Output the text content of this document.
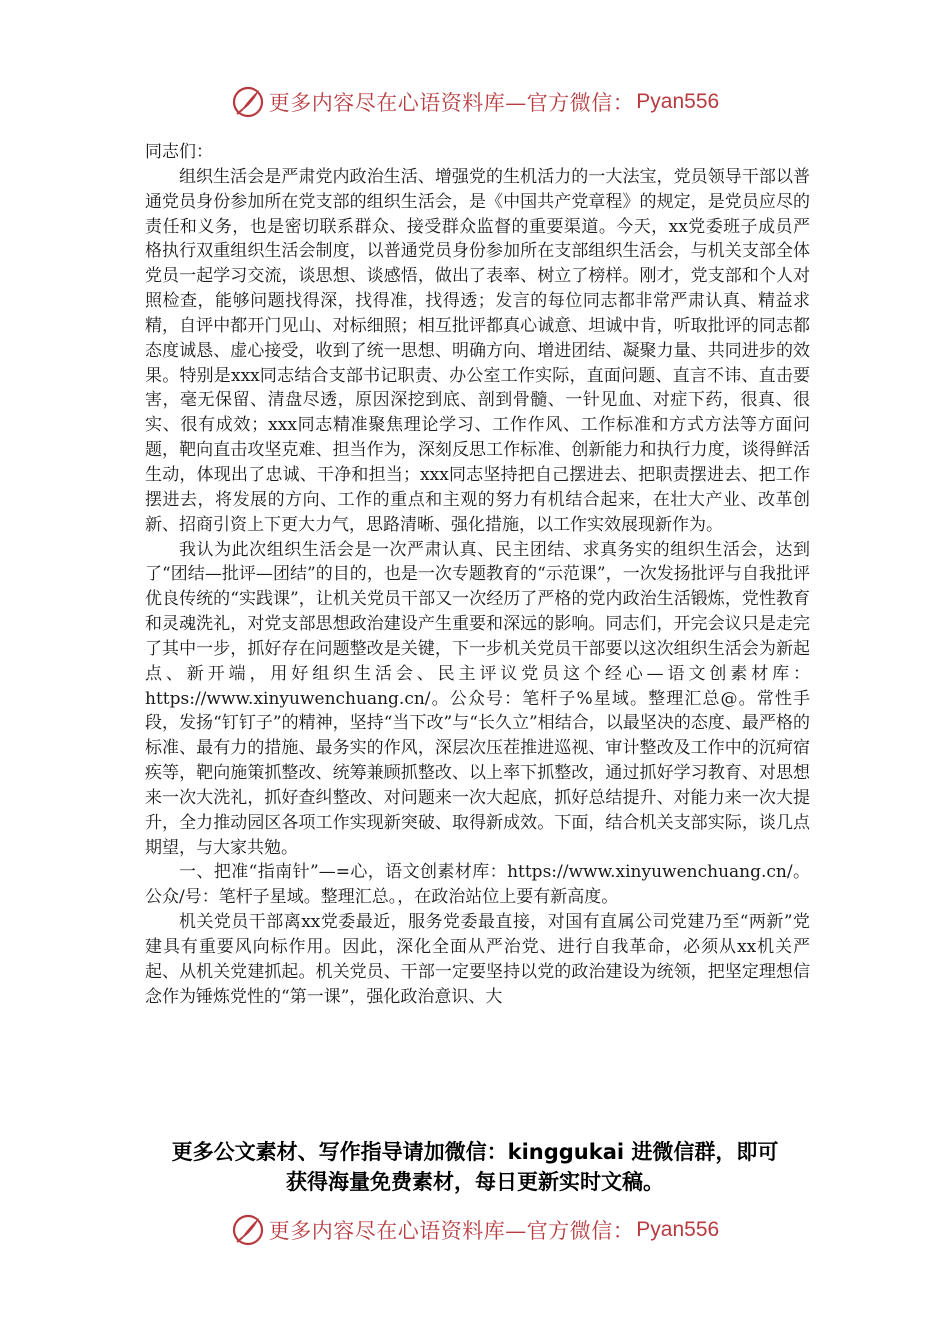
更多内容尽在心语资料库—官方微信： Pyan556

同志们：

组织生活会是严肃党内政治生活、增强党的生机活力的一大法宝，党员领导干部以普通党员身份参加所在党支部的组织生活会，是《中国共产党章程》的规定，是党员应尽的责任和义务，也是密切联系群众、接受群众监督的重要渠道。今天，xx党委班子成员严格执行双重组织生活会制度，以普通党员身份参加所在支部组织生活会，与机关支部全体党员一起学习交流，谈思想、谈感悟，做出了表率、树立了榜样。刚才，党支部和个人对照检查，能够问题找得深，找得准，找得透；发言的每位同志都非常严肃认真、精益求精，自评中都开门见山、对标细照；相互批评都真心诚意、坦诚中肯，听取批评的同志都态度诚恳、虚心接受，收到了统一思想、明确方向、增进团结、凝聚力量、共同进步的效果。特别是xxx同志结合支部书记职责、办公室工作实际，直面问题、直言不讳、直击要害，毫无保留、清盘尽透，原因深挖到底、剖到骨髓、一针见血、对症下药，很真、很实、很有成效；xxx同志精准聚焦理论学习、工作作风、工作标准和方式方法等方面问题，靶向直击攻坚克难、担当作为，深刻反思工作标准、创新能力和执行力度，谈得鲜活生动，体现出了忠诚、干净和担当；xxx同志坚持把自己摆进去、把职责摆进去、把工作摆进去，将发展的方向、工作的重点和主观的努力有机结合起来，在壮大产业、改革创新、招商引资上下更大力气，思路清晰、强化措施，以工作实效展现新作为。

我认为此次组织生活会是一次严肃认真、民主团结、求真务实的组织生活会，达到了“团结—批评—团结”的目的，也是一次专题教育的“示范课”，一次发扬批评与自我批评优良传统的“实践课”，让机关党员干部又一次经历了严格的党内政治生活锻炼，党性教育和灵魂洗礼，对党支部思想政治建设产生重要和深远的影响。同志们，开完会议只是走完了其中一步，抓好存在问题整改是关键，下一步机关党员干部要以这次组织生活会为新起点、新开端，用好组织生活会、民主评议党员这个经心—语文创素材库：https://www.xinyuwenchuang.cn/。公众号：笔杆子%星域。整理汇总@。常性手段，发扬“钉钉子”的精神，坚持“当下改”与“长久立”相结合，以最坚决的态度、最严格的标准、最有力的措施、最务实的作风，深层次压茬推进巡视、审计整改及工作中的沉疴宿疾等，靶向施策抓整改、统筹兼顾抓整改、以上率下抓整改，通过抓好学习教育、对思想来一次大洗礼，抓好查纠整改、对问题来一次大起底，抓好总结提升、对能力来一次大提升，全力推动园区各项工作实现新突破、取得新成效。下面，结合机关支部实际，谈几点期望，与大家共勉。

一、把准“指南针”—=心，语文创素材库：https://www.xinyuwenchuang.cn/。公众/号：笔杆子星域。整理汇总。，在政治站位上要有新高度。

机关党员干部离xx党委最近，服务党委最直接，对国有直属公司党建乃至“两新”党建具有重要风向标作用。因此，深化全面从严治党、进行自我革命，必须从xx机关严起、从机关党建抓起。机关党员、干部一定要坚持以党的政治建设为统领，把坚定理想信念作为锤炼党性的“第一课”，强化政治意识、大

更多公文素材、写作指导请加微信：kinggukai 进微信群，即可
获得海量免费素材，每日更新实时文稿。
更多内容尽在心语资料库—官方微信： Pyan556
